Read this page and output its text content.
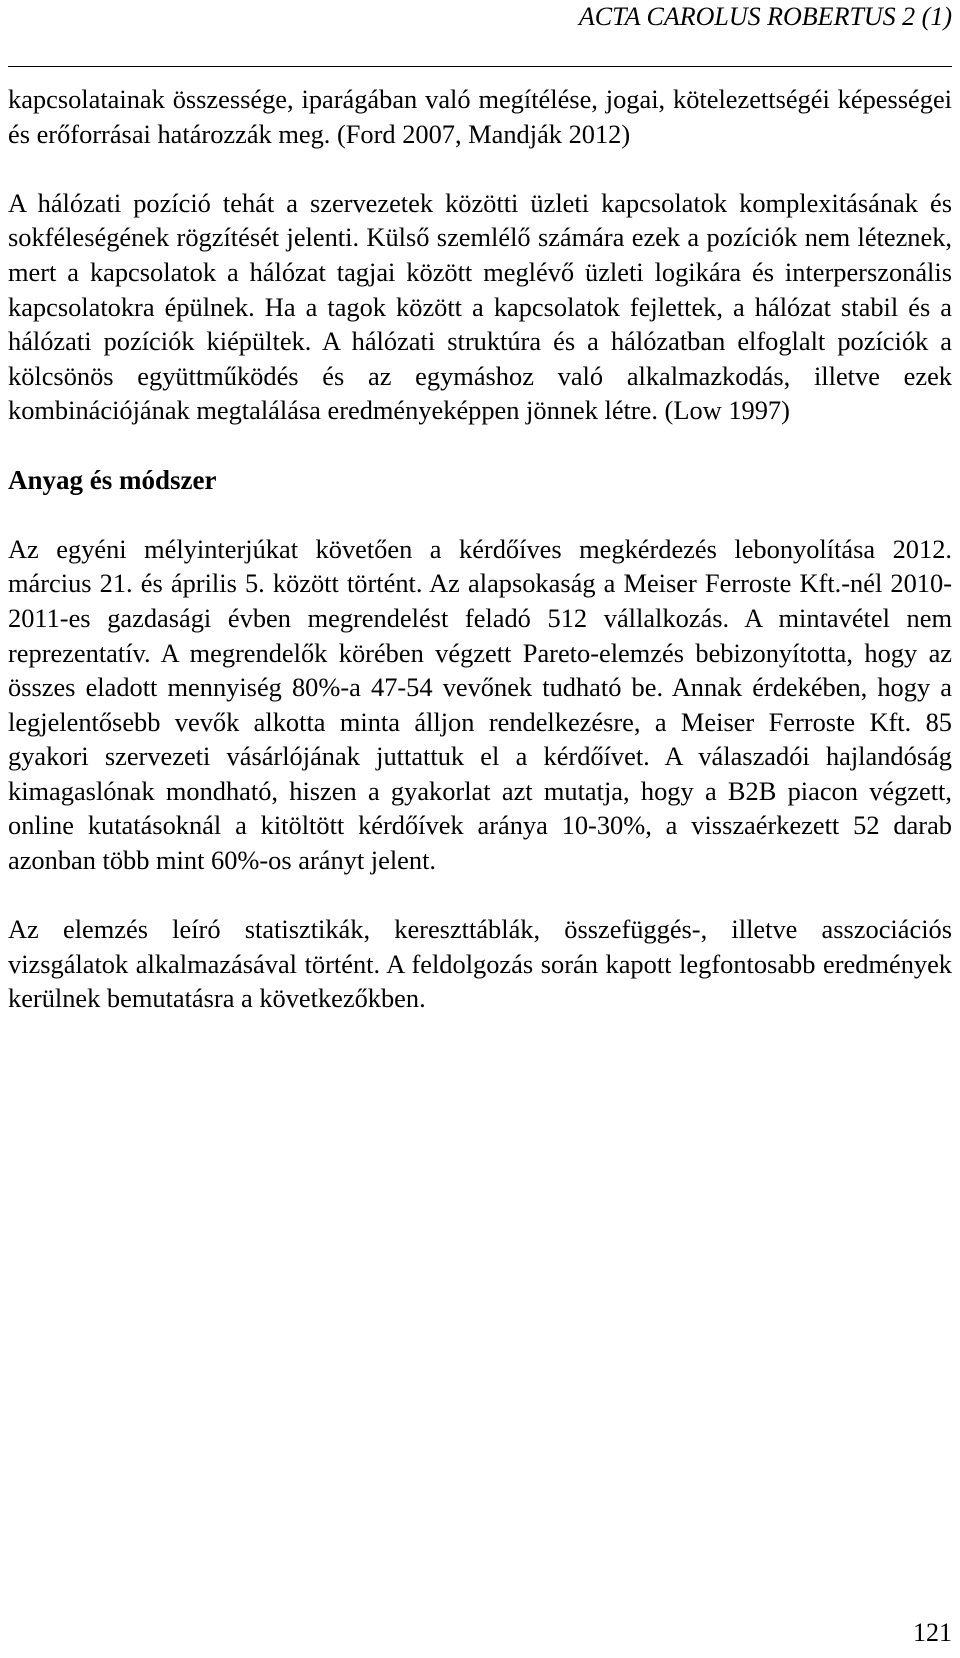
ACTA CAROLUS ROBERTUS 2 (1)

kapcsolatainak összessége, iparágában való megítélése, jogai, kötelezettségéi képességei és erőforrásai határozzák meg. (Ford 2007, Mandják 2012)

A hálózati pozíció tehát a szervezetek közötti üzleti kapcsolatok komplexitásának és sokféleségének rögzítését jelenti. Külső szemlélő számára ezek a pozíciók nem léteznek, mert a kapcsolatok a hálózat tagjai között meglévő üzleti logikára és interperszonális kapcsolatokra épülnek. Ha a tagok között a kapcsolatok fejlettek, a hálózat stabil és a hálózati pozíciók kiépültek. A hálózati struktúra és a hálózatban elfoglalt pozíciók a kölcsönös együttműködés és az egymáshoz való alkalmazkodás, illetve ezek kombinációjának megtalálása eredményeképpen jönnek létre. (Low 1997)

Anyag és módszer

Az egyéni mélyinterjúkat követően a kérdőíves megkérdezés lebonyolítása 2012. március 21. és április 5. között történt. Az alapsokaság a Meiser Ferroste Kft.-nél 2010-2011-es gazdasági évben megrendelést feladó 512 vállalkozás. A mintavétel nem reprezentatív. A megrendelők körében végzett Pareto-elemzés bebizonyította, hogy az összes eladott mennyiség 80%-a 47-54 vevőnek tudható be. Annak érdekében, hogy a legjelentősebb vevők alkotta minta álljon rendelkezésre, a Meiser Ferroste Kft. 85 gyakori szervezeti vásárlójának juttattuk el a kérdőívet. A válaszadói hajlandóság kimagaslónak mondható, hiszen a gyakorlat azt mutatja, hogy a B2B piacon végzett, online kutatásoknál a kitöltött kérdőívek aránya 10-30%, a visszaérkezett 52 darab azonban több mint 60%-os arányt jelent.

Az elemzés leíró statisztikák, kereszttáblák, összefüggés-, illetve asszociációs vizsgálatok alkalmazásával történt. A feldolgozás során kapott legfontosabb eredmények kerülnek bemutatásra a következőkben.

121
